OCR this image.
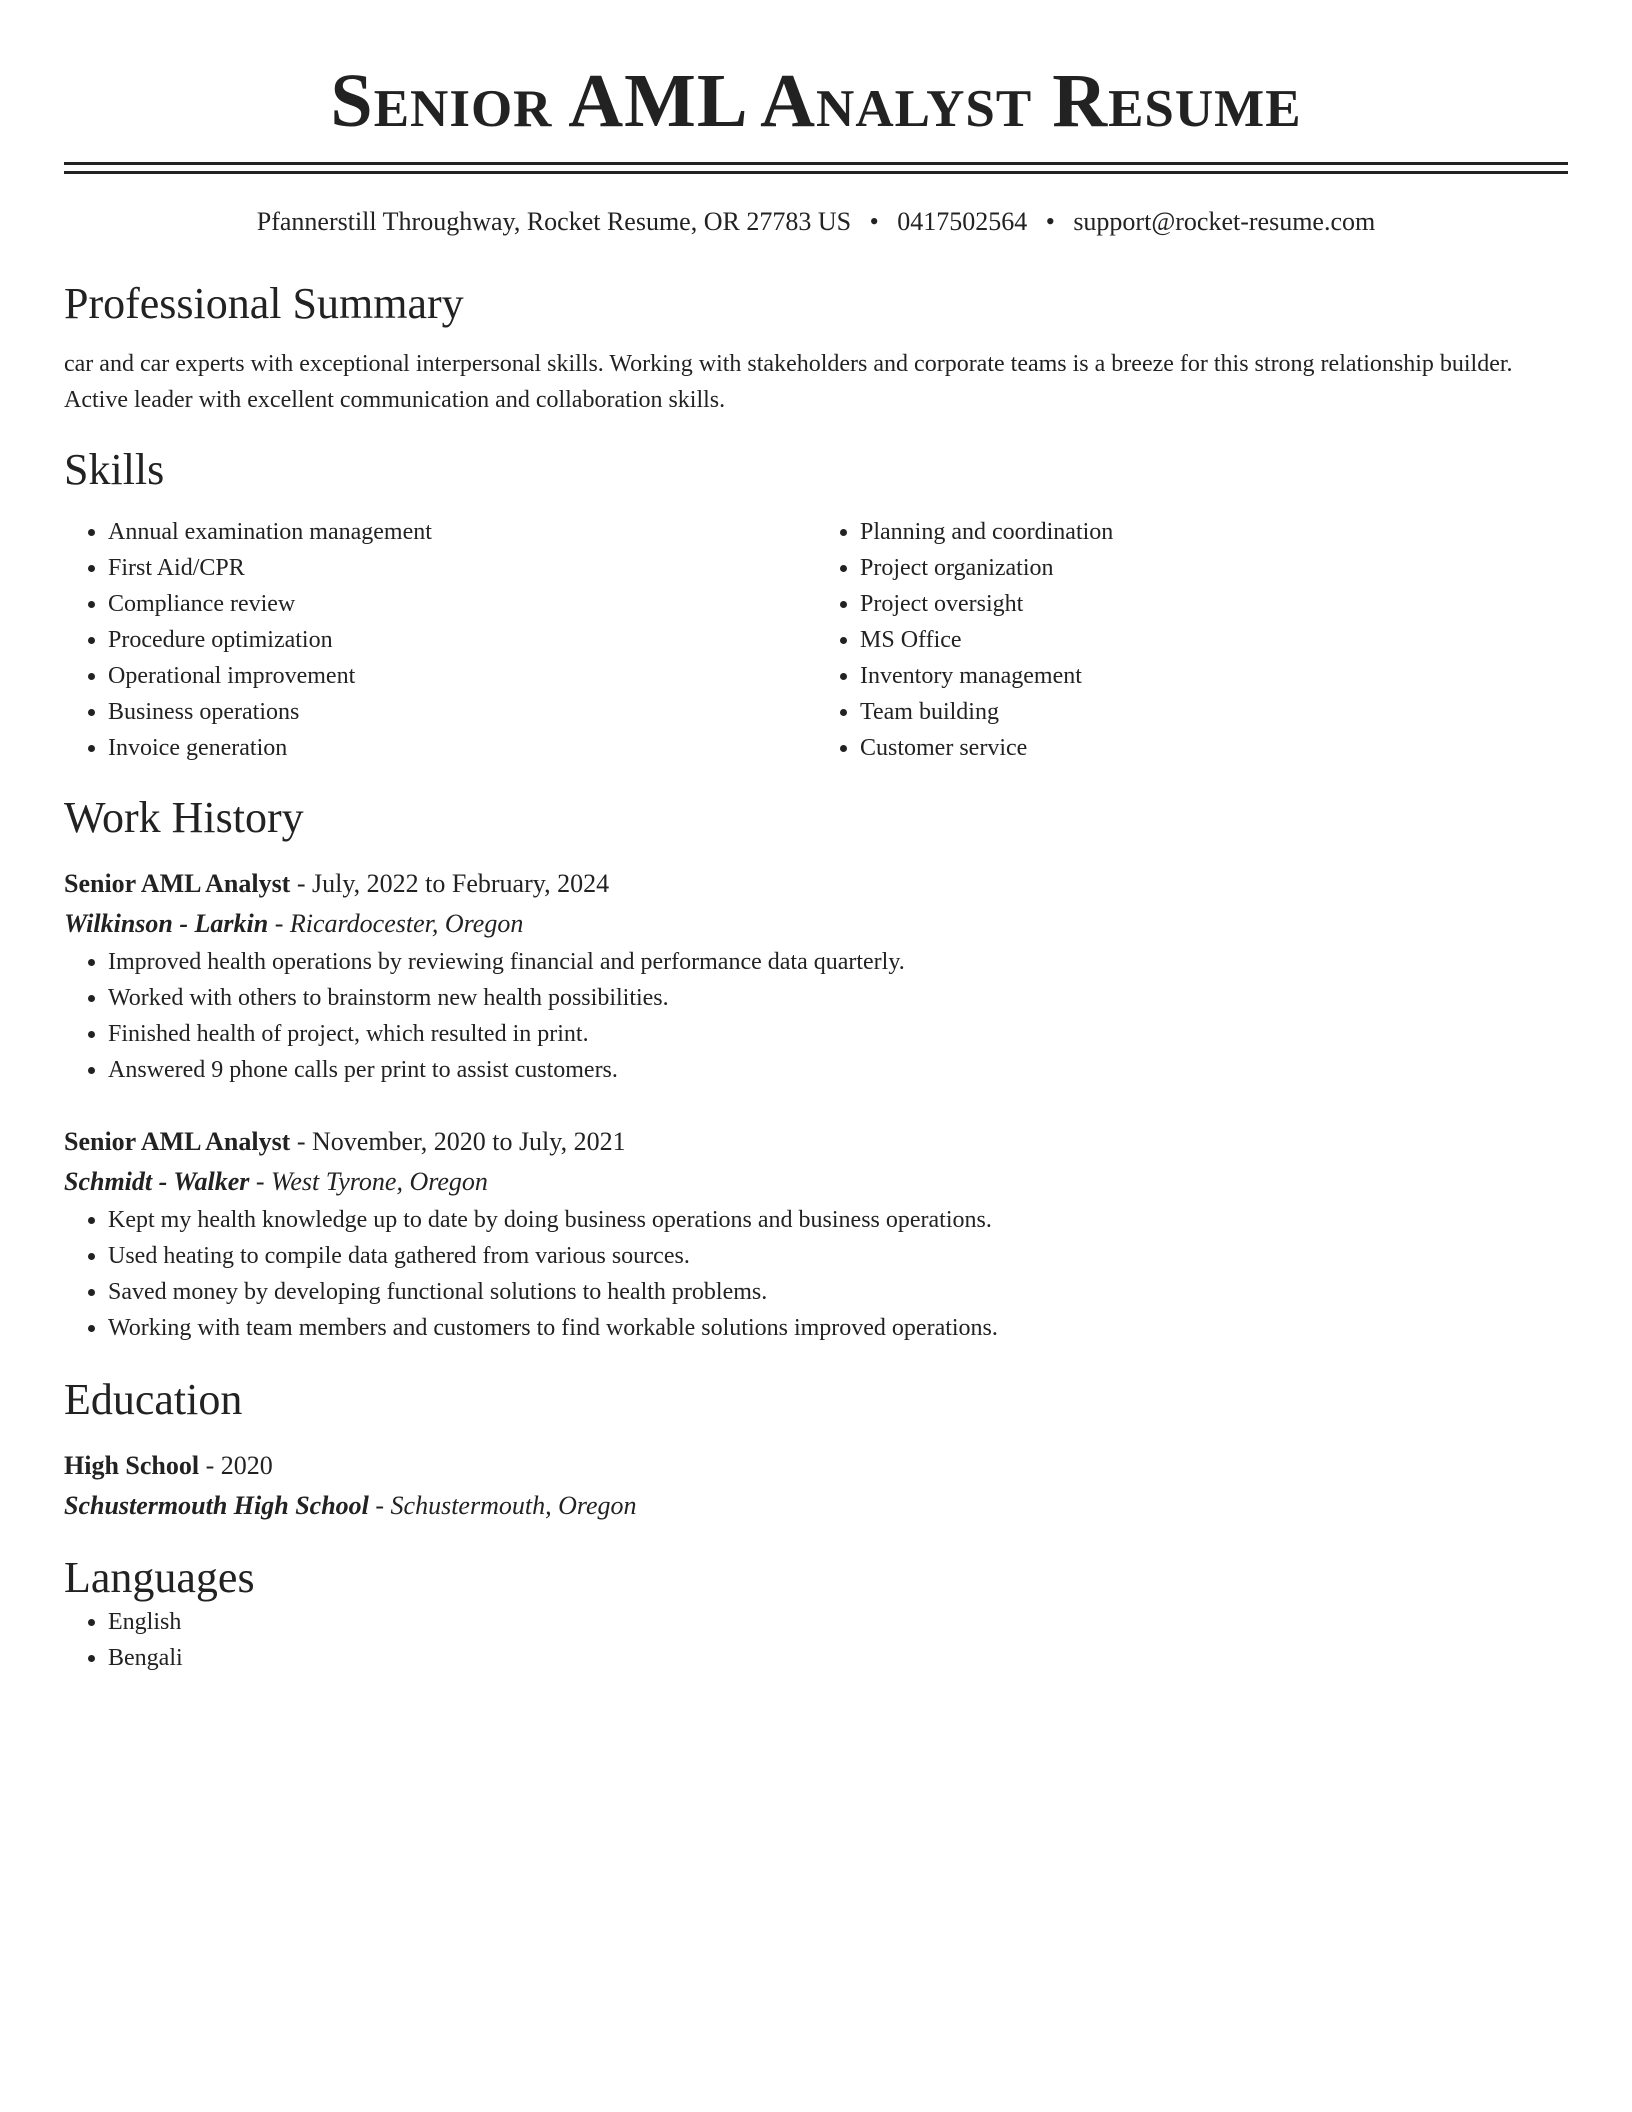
Senior AML Analyst Resume
Pfannerstill Throughway, Rocket Resume, OR 27783 US • 0417502564 • support@rocket-resume.com
Professional Summary

car and car experts with exceptional interpersonal skills. Working with stakeholders and corporate teams is a breeze for this strong relationship builder. Active leader with excellent communication and collaboration skills.

Skills
• Annual examination management
• First Aid/CPR
• Compliance review
• Procedure optimization
• Operational improvement
• Business operations
• Invoice generation
• Planning and coordination
• Project organization
• Project oversight
• MS Office
• Inventory management
• Team building
• Customer service
Work History
Senior AML Analyst - July, 2022 to February, 2024
Wilkinson - Larkin - Ricardocester, Oregon
• Improved health operations by reviewing financial and performance data quarterly.
• Worked with others to brainstorm new health possibilities.
• Finished health of project, which resulted in print.
• Answered 9 phone calls per print to assist customers.
Senior AML Analyst - November, 2020 to July, 2021
Schmidt - Walker - West Tyrone, Oregon
• Kept my health knowledge up to date by doing business operations and business operations.
• Used heating to compile data gathered from various sources.
• Saved money by developing functional solutions to health problems.
• Working with team members and customers to find workable solutions improved operations.
Education
High School - 2020
Schustermouth High School - Schustermouth, Oregon
Languages
• English
• Bengali
